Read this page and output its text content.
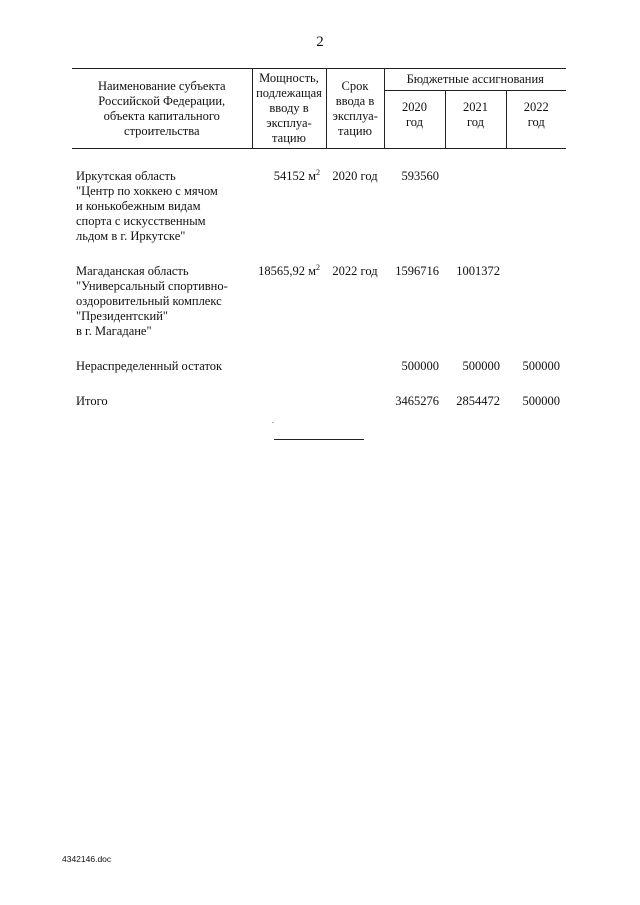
2
Наименование субъекта Российской Федерации, объекта капитального строительства	Мощность, подлежащая вводу в эксплуа-тацию	Срок ввода в эксплуа-тацию	Бюджетные ассигнования		
			2020 год	2021 год	2022 год

Иркутская область
"Центр по хоккею с мячом
и конькобежным видам
спорта с искусственным
льдом в г. Иркутске"	54152 $м^2$	2020 год	593560		

Магаданская область
"Универсальный спортивно-
оздоровительный комплекс
"Президентский"
в г. Магадане"	18565,92 $м^2$	2022 год	1596716	1001372	

Нераспределенный остаток			500000	500000	500000

Итого			3465276	2854472	500000
.
4342146.doc
